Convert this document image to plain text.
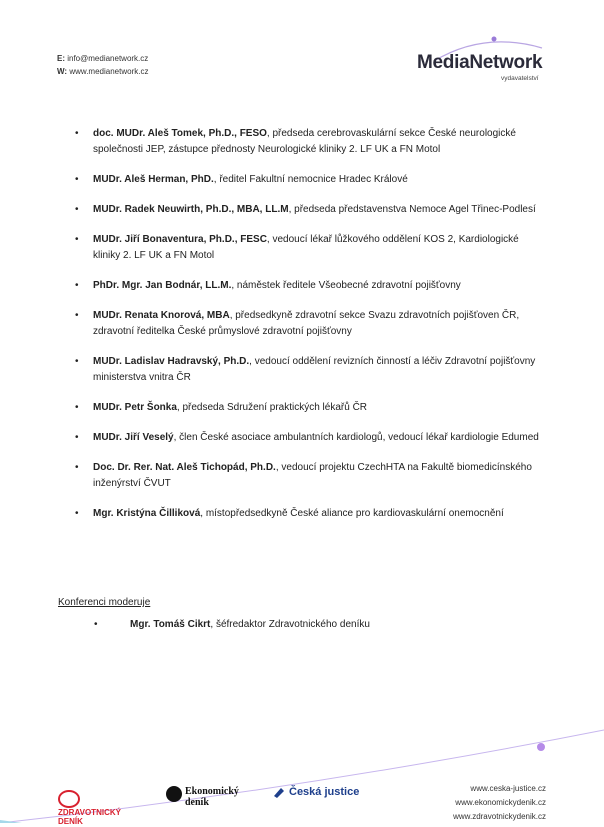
E: info@medianetwork.cz
W: www.medianetwork.cz	MediaNetwork
vydavatelství
• doc. MUDr. Aleš Tomek, Ph.D., FESO, předseda cerebrovaskulární sekce České neurologické společnosti JEP, zástupce přednosty Neurologické kliniky 2. LF UK a FN Motol
• MUDr. Aleš Herman, PhD., ředitel Fakultní nemocnice Hradec Králové
• MUDr. Radek Neuwirth, Ph.D., MBA, LL.M, předseda představenstva Nemoce Agel Třinec-Podlesí
• MUDr. Jiří Bonaventura, Ph.D., FESC, vedoucí lékař lůžkového oddělení KOS 2, Kardiologické kliniky 2. LF UK a FN Motol
• PhDr. Mgr. Jan Bodnár, LL.M., náměstek ředitele Všeobecné zdravotní pojišťovny
• MUDr. Renata Knorová, MBA, předsedkyně zdravotní sekce Svazu zdravotních pojišťoven ČR, zdravotní ředitelka České průmyslové zdravotní pojišťovny
• MUDr. Ladislav Hadravský, Ph.D., vedoucí oddělení revizních činností a léčiv Zdravotní pojišťovny ministerstva vnitra ČR
• MUDr. Petr Šonka, předseda Sdružení praktických lékařů ČR
• MUDr. Jiří Veselý, člen České asociace ambulantních kardiologů, vedoucí lékař kardiologie Edumed
• Doc. Dr. Rer. Nat. Aleš Tichopád, Ph.D., vedoucí projektu CzechHTA na Fakultě biomedicínského inženýrství ČVUT
• Mgr. Kristýna Čilliková, místopředsedkyně České aliance pro kardiovaskulární onemocnění
Konferenci moderuje
•	Mgr. Tomáš Cikrt, šéfredaktor Zdravotnického deníku
ZDRAVOTNICKÝ DENÍK
Ekonomický deník
Česká justice	www.ceska-justice.cz
www.ekonomickydenik.cz
www.zdravotnickydenik.cz
